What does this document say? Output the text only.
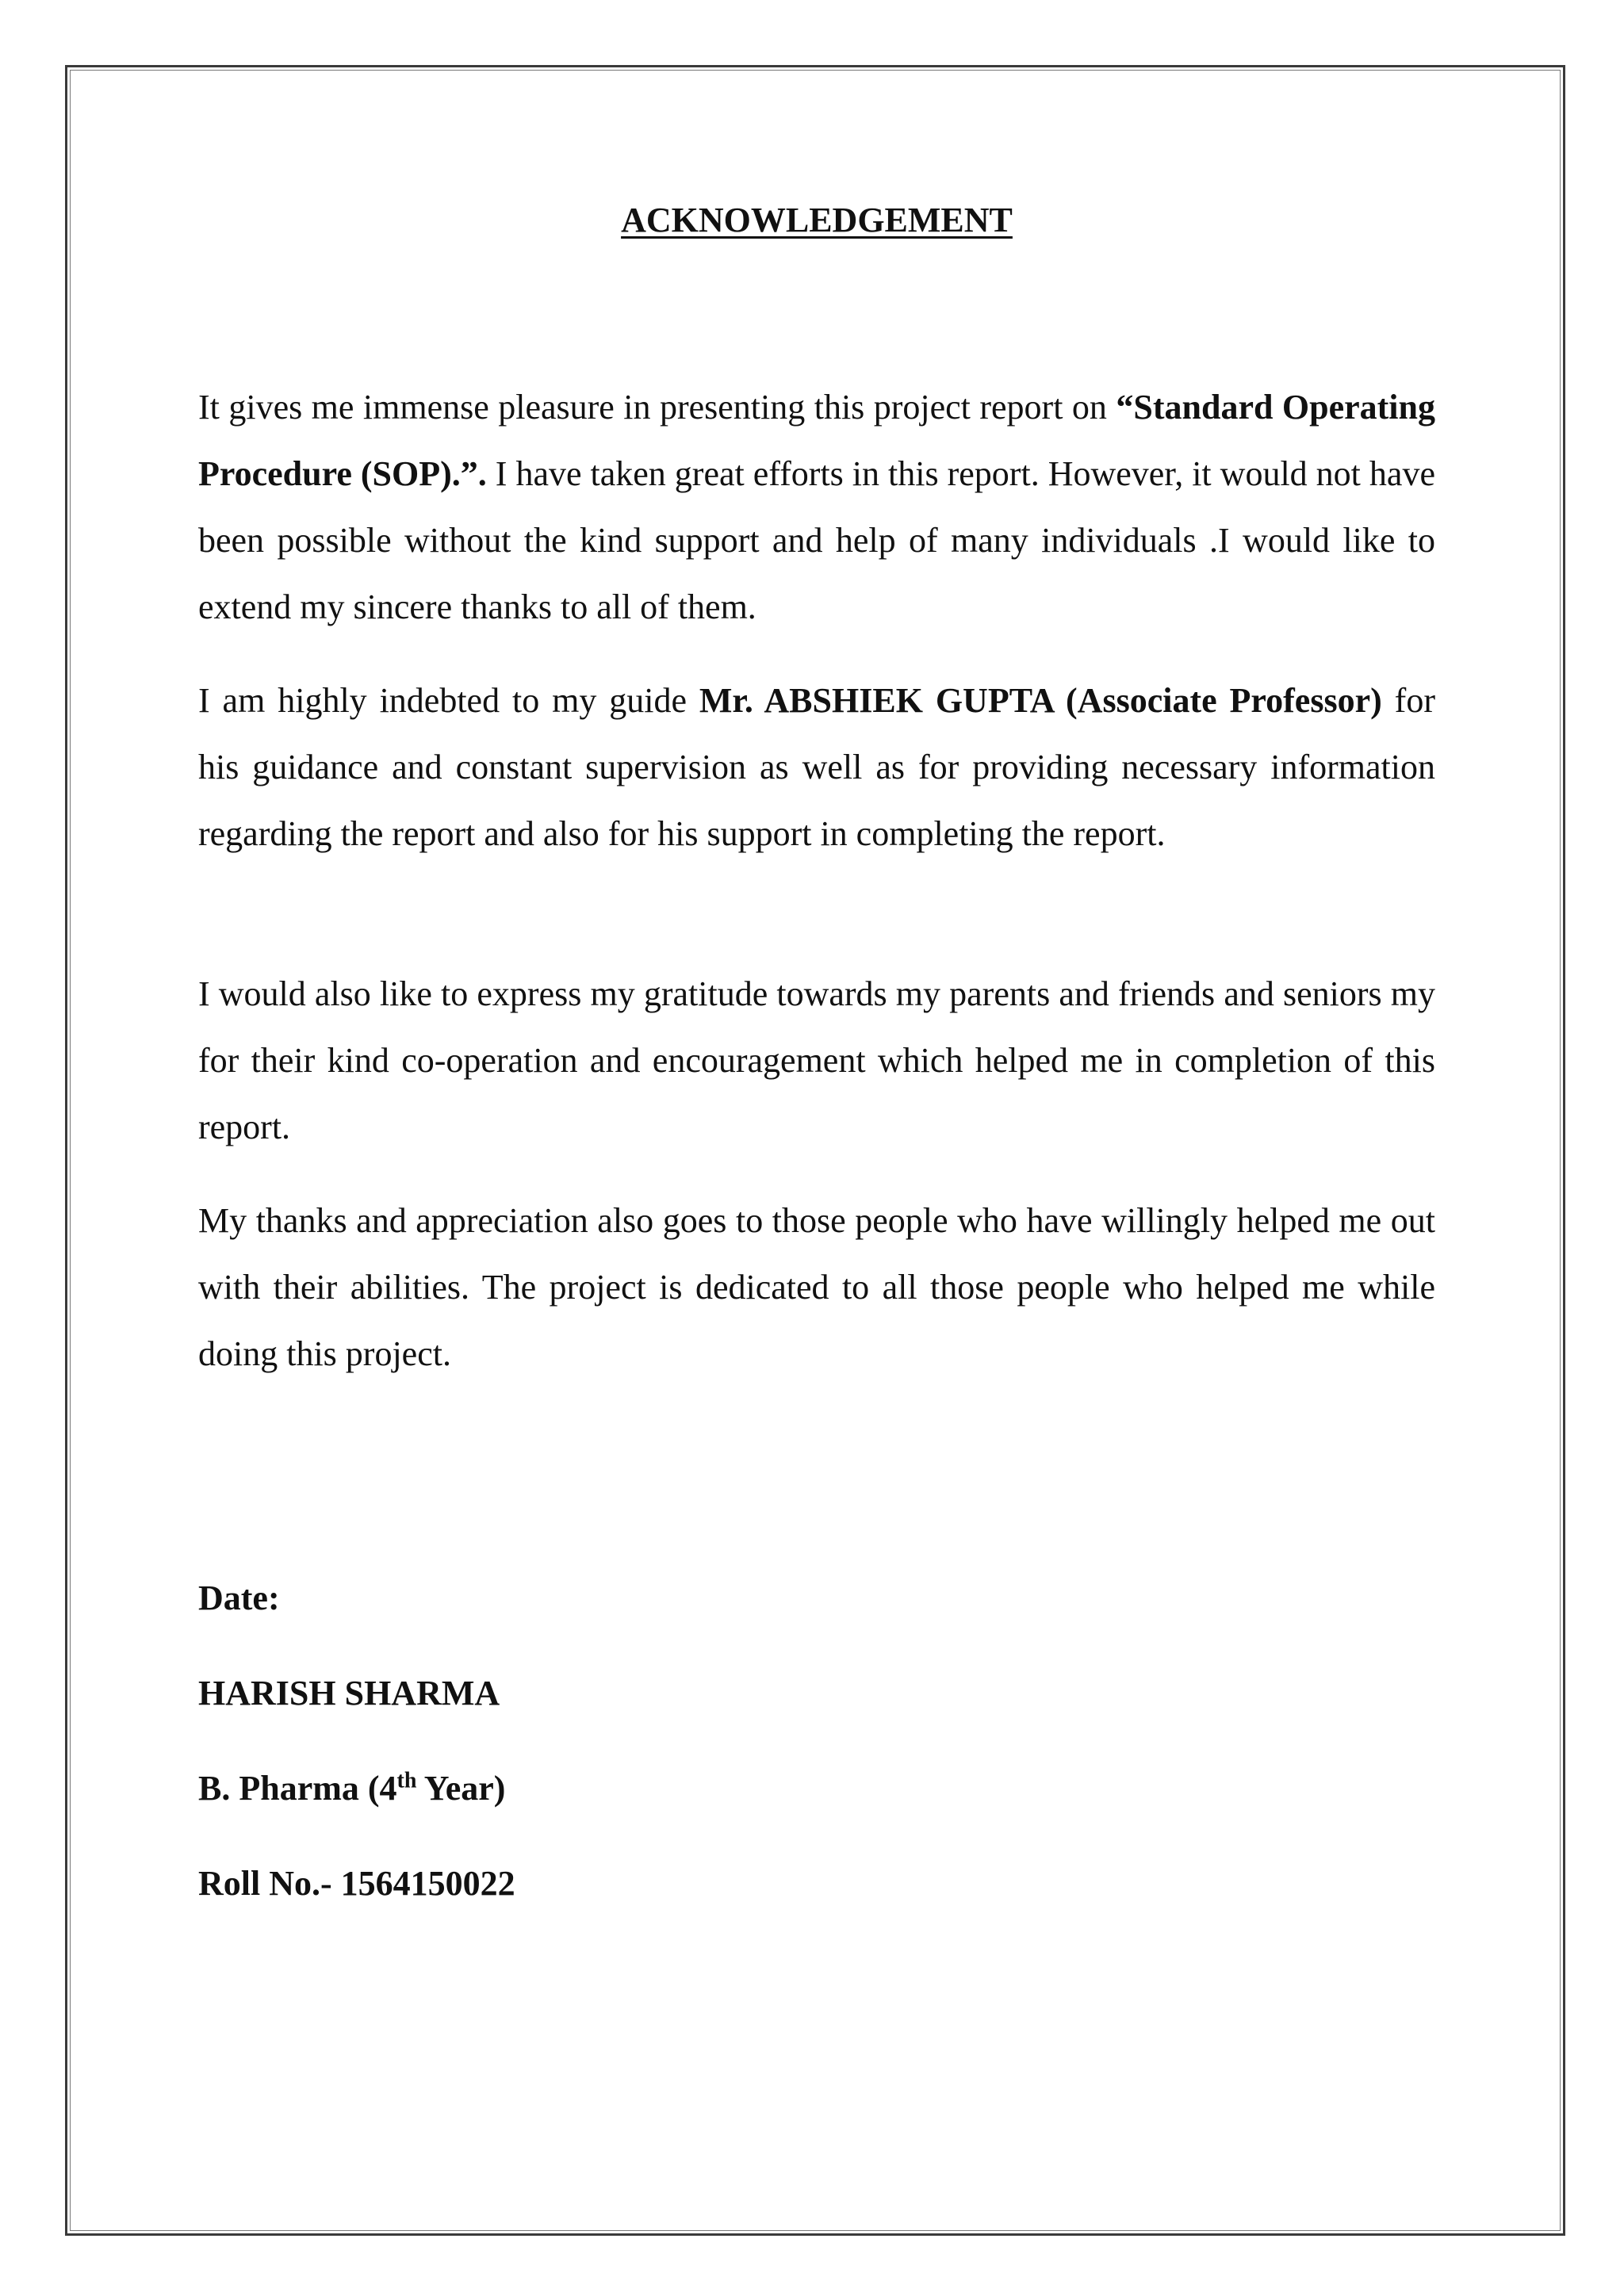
ACKNOWLEDGEMENT

It gives me immense pleasure in presenting this project report on “Standard Operating Procedure (SOP).”. I have taken great efforts in this report. However, it would not have been possible without the kind support and help of many individuals .I would like to extend my sincere thanks to all of them.

I am highly indebted to my guide Mr. ABSHIEK GUPTA (Associate Professor) for his guidance and constant supervision as well as for providing necessary information regarding the report and also for his support in completing the report.

I would also like to express my gratitude towards my parents and friends and seniors my for their kind co-operation and encouragement which helped me in completion of this report.

My thanks and appreciation also goes to those people who have willingly helped me out with their abilities. The project is dedicated to all those people who helped me while doing this project.

Date:

HARISH SHARMA

B. Pharma (4th Year)

Roll No.- 1564150022
